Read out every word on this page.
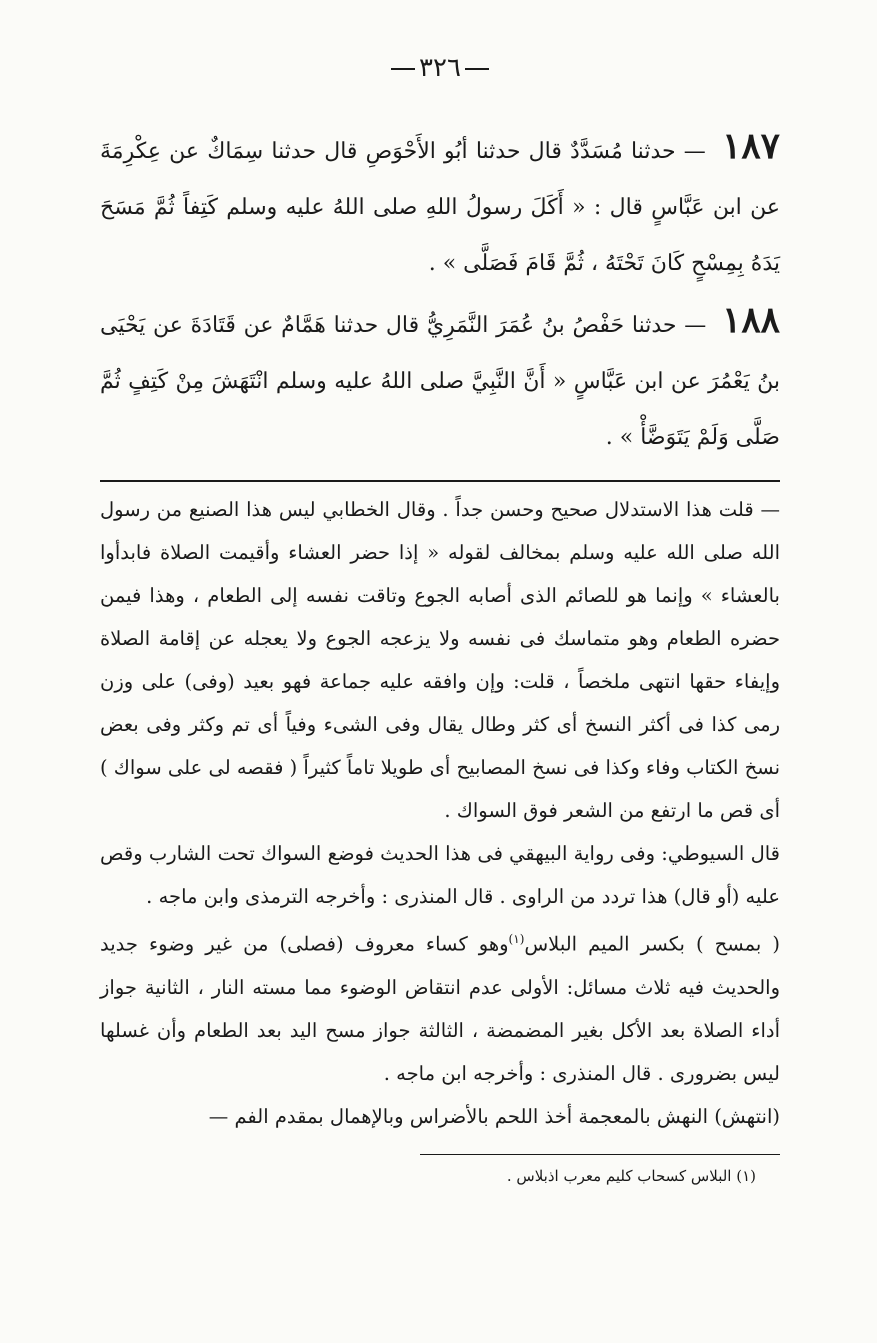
٣٢٦

١٨٧ — حدثنا مُسَدَّدٌ قال حدثنا أبُو الأَحْوَصِ قال حدثنا سِمَاكٌ عن عِكْرِمَةَ عن ابن عَبَّاسٍ قال : « أَكَلَ رسولُ اللهِ صلى اللهُ عليه وسلم كَتِفاً ثُمَّ مَسَحَ يَدَهُ بِمِسْحٍ كَانَ تَحْتَهُ ، ثُمَّ قَامَ فَصَلَّى » .

١٨٨ — حدثنا حَفْصُ بنُ عُمَرَ النَّمَرِيُّ قال حدثنا هَمَّامٌ عن قَتَادَةَ عن يَحْيَى بنُ يَعْمُرَ عن ابن عَبَّاسٍ « أَنَّ النَّبِيَّ صلى اللهُ عليه وسلم انْتَهَشَ مِنْ كَتِفٍ ثُمَّ صَلَّى وَلَمْ يَتَوَضَّأْ » .

— قلت هذا الاستدلال صحيح وحسن جداً . وقال الخطابي ليس هذا الصنيع من رسول الله صلى الله عليه وسلم بمخالف لقوله « إذا حضر العشاء وأقيمت الصلاة فابدأوا بالعشاء » وإنما هو للصائم الذى أصابه الجوع وتاقت نفسه إلى الطعام ، وهذا فيمن حضره الطعام وهو متماسك فى نفسه ولا يزعجه الجوع ولا يعجله عن إقامة الصلاة وإيفاء حقها انتهى ملخصاً ، قلت: وإن وافقه عليه جماعة فهو بعيد (وفى) على وزن رمى كذا فى أكثر النسخ أى كثر وطال يقال وفى الشىء وفياً أى تم وكثر وفى بعض نسخ الكتاب وفاء وكذا فى نسخ المصابيح أى طويلا تاماً كثيراً ( فقصه لى على سواك ) أى قص ما ارتفع من الشعر فوق السواك .

قال السيوطي: وفى رواية البيهقي فى هذا الحديث فوضع السواك تحت الشارب وقص عليه (أو قال) هذا تردد من الراوى . قال المنذرى : وأخرجه الترمذى وابن ماجه .

( بمسح ) بكسر الميم البلاس$^{(١)}$وهو كساء معروف (فصلى) من غير وضوء جديد والحديث فيه ثلاث مسائل: الأولى عدم انتقاض الوضوء مما مسته النار ، الثانية جواز أداء الصلاة بعد الأكل بغير المضمضة ، الثالثة جواز مسح اليد بعد الطعام وأن غسلها ليس بضرورى . قال المنذرى : وأخرجه ابن ماجه .

(انتهش) النهش بالمعجمة أخذ اللحم بالأضراس وبالإهمال بمقدم الفم —

(١) البلاس كسحاب كليم معرب اذبلاس .
